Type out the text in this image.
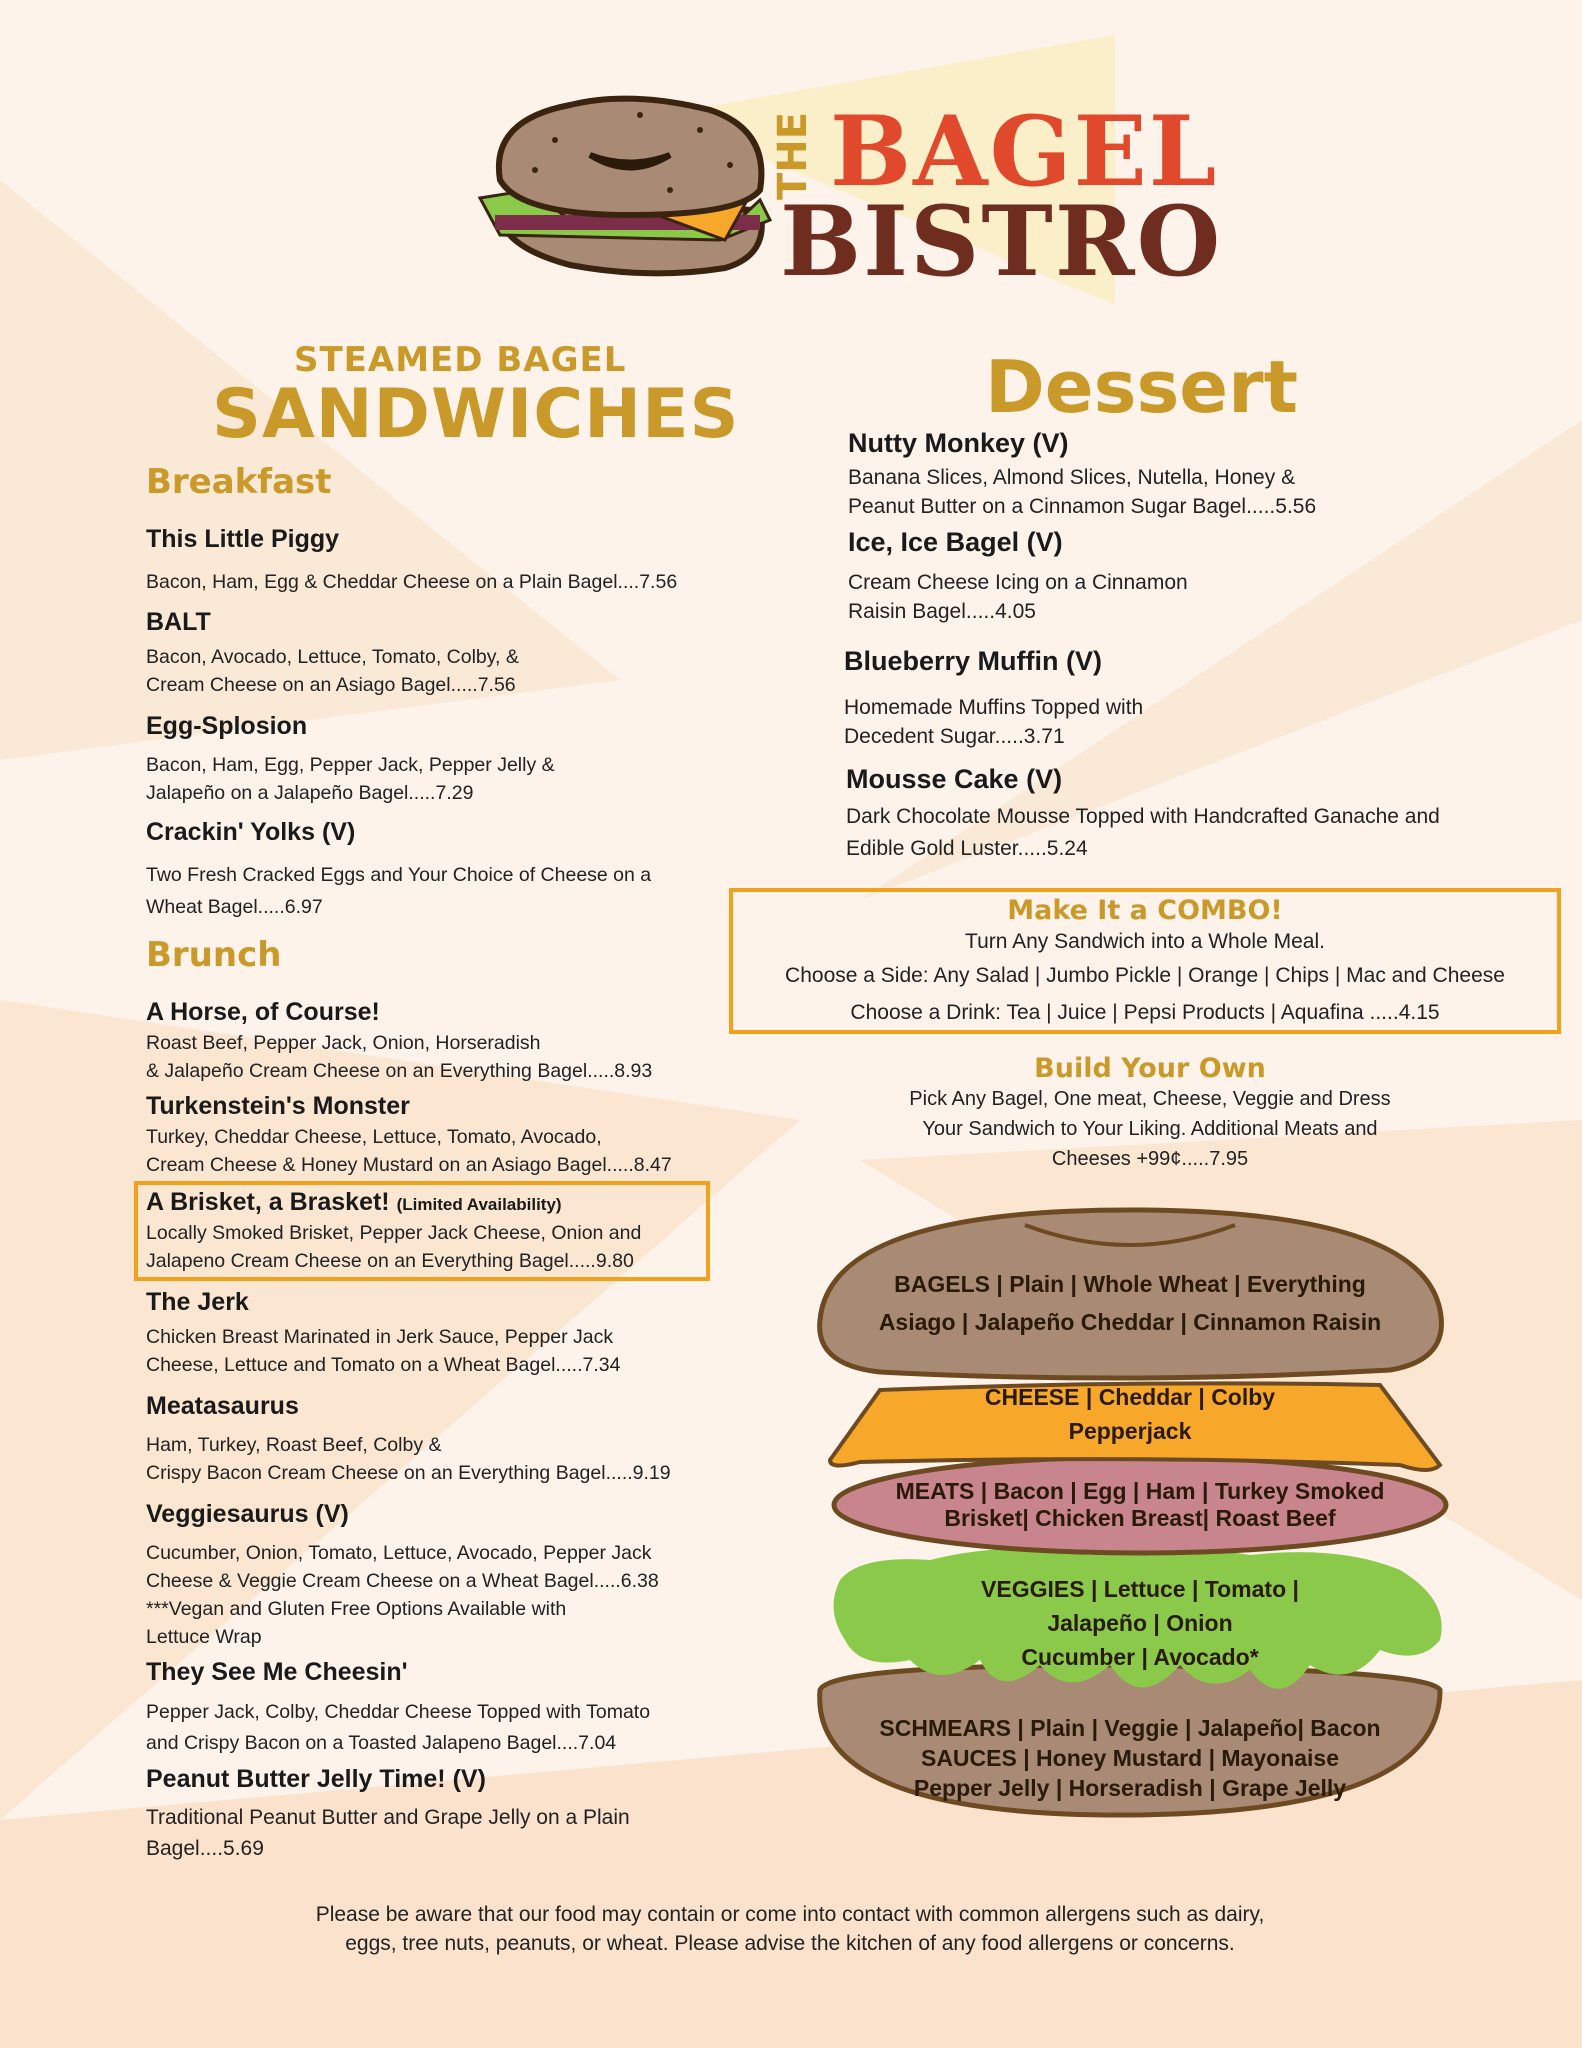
THE BAGEL
BISTRO
STEAMED BAGEL
SANDWICHES
Breakfast
This Little Piggy
Bacon, Ham, Egg & Cheddar Cheese on a Plain Bagel....7.56
BALT
Bacon, Avocado, Lettuce, Tomato, Colby, &
Cream Cheese on an Asiago Bagel.....7.56
Egg-Splosion
Bacon, Ham, Egg, Pepper Jack, Pepper Jelly &
Jalapeño on a Jalapeño Bagel.....7.29
Crackin' Yolks (V)
Two Fresh Cracked Eggs and Your Choice of Cheese on a
Wheat Bagel.....6.97
Brunch
A Horse, of Course!
Roast Beef, Pepper Jack, Onion, Horseradish
& Jalapeño Cream Cheese on an Everything Bagel.....8.93
Turkenstein's Monster
Turkey, Cheddar Cheese, Lettuce, Tomato, Avocado,
Cream Cheese & Honey Mustard on an Asiago Bagel.....8.47
A Brisket, a Brasket! (Limited Availability)
Locally Smoked Brisket, Pepper Jack Cheese, Onion and
Jalapeno Cream Cheese on an Everything Bagel.....9.80
The Jerk
Chicken Breast Marinated in Jerk Sauce, Pepper Jack
Cheese, Lettuce and Tomato on a Wheat Bagel.....7.34
Meatasaurus
Ham, Turkey, Roast Beef, Colby &
Crispy Bacon Cream Cheese on an Everything Bagel.....9.19
Veggiesaurus (V)
Cucumber, Onion, Tomato, Lettuce, Avocado, Pepper Jack
Cheese & Veggie Cream Cheese on a Wheat Bagel.....6.38
***Vegan and Gluten Free Options Available with
Lettuce Wrap
They See Me Cheesin'
Pepper Jack, Colby, Cheddar Cheese Topped with Tomato
and Crispy Bacon on a Toasted Jalapeno Bagel....7.04
Peanut Butter Jelly Time! (V)
Traditional Peanut Butter and Grape Jelly on a Plain
Bagel....5.69
Dessert
Nutty Monkey (V)
Banana Slices, Almond Slices, Nutella, Honey &
Peanut Butter on a Cinnamon Sugar Bagel.....5.56
Ice, Ice Bagel (V)
Cream Cheese Icing on a Cinnamon
Raisin Bagel.....4.05
Blueberry Muffin (V)
Homemade Muffins Topped with
Decedent Sugar.....3.71
Mousse Cake (V)
Dark Chocolate Mousse Topped with Handcrafted Ganache and
Edible Gold Luster.....5.24
Make It a COMBO!
Turn Any Sandwich into a Whole Meal.
Choose a Side: Any Salad | Jumbo Pickle | Orange | Chips | Mac and Cheese
Choose a Drink: Tea | Juice | Pepsi Products | Aquafina .....4.15
Build Your Own
Pick Any Bagel, One meat, Cheese, Veggie and Dress
Your Sandwich to Your Liking. Additional Meats and
Cheeses +99¢.....7.95
BAGELS | Plain | Whole Wheat | Everything
Asiago | Jalapeño Cheddar | Cinnamon Raisin
CHEESE | Cheddar | Colby
Pepperjack
MEATS | Bacon | Egg | Ham | Turkey Smoked
Brisket| Chicken Breast| Roast Beef
VEGGIES | Lettuce | Tomato |
Jalapeño | Onion
Cucumber | Avocado*
SCHMEARS | Plain | Veggie | Jalapeño| Bacon
SAUCES | Honey Mustard | Mayonaise
Pepper Jelly | Horseradish | Grape Jelly
Please be aware that our food may contain or come into contact with common allergens such as dairy,
eggs, tree nuts, peanuts, or wheat. Please advise the kitchen of any food allergens or concerns.
